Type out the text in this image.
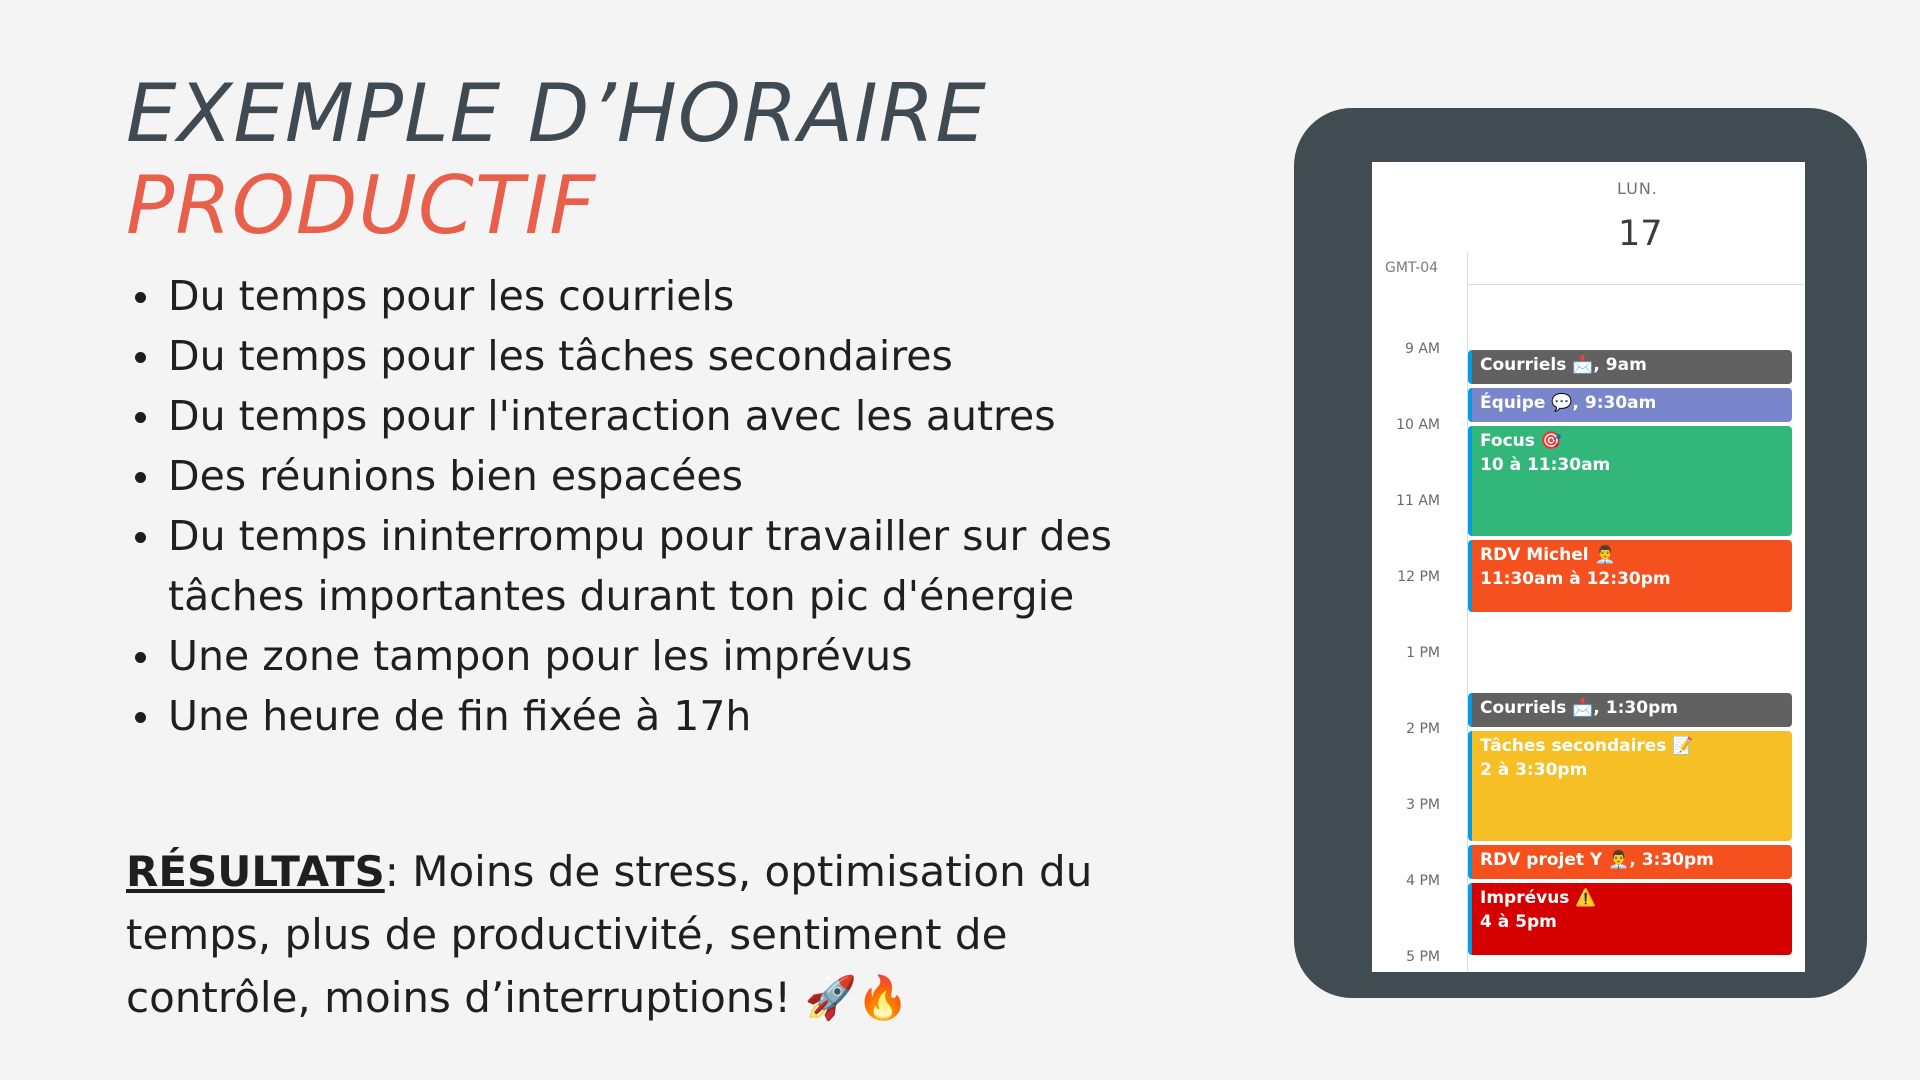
EXEMPLE D’HORAIRE
PRODUCTIF
Du temps pour les courriels
Du temps pour les tâches secondaires
Du temps pour l'interaction avec les autres
Des réunions bien espacées
Du temps ininterrompu pour travailler sur des tâches importantes durant ton pic d'énergie
Une zone tampon pour les imprévus
Une heure de fin fixée à 17h

RÉSULTATS: Moins de stress, optimisation du temps, plus de productivité, sentiment de contrôle, moins d’interruptions! 🚀🔥

LUN.
17
GMT-04
9 AM
10 AM
11 AM
12 PM
1 PM
2 PM
3 PM
4 PM
5 PM
Courriels 📩, 9am
Équipe 💬, 9:30am
Focus 🎯
10 à 11:30am
RDV Michel 👨‍💼
11:30am à 12:30pm
Courriels 📩, 1:30pm
Tâches secondaires 📝
2 à 3:30pm
RDV projet Y 👨‍💼, 3:30pm
Imprévus ⚠️
4 à 5pm
